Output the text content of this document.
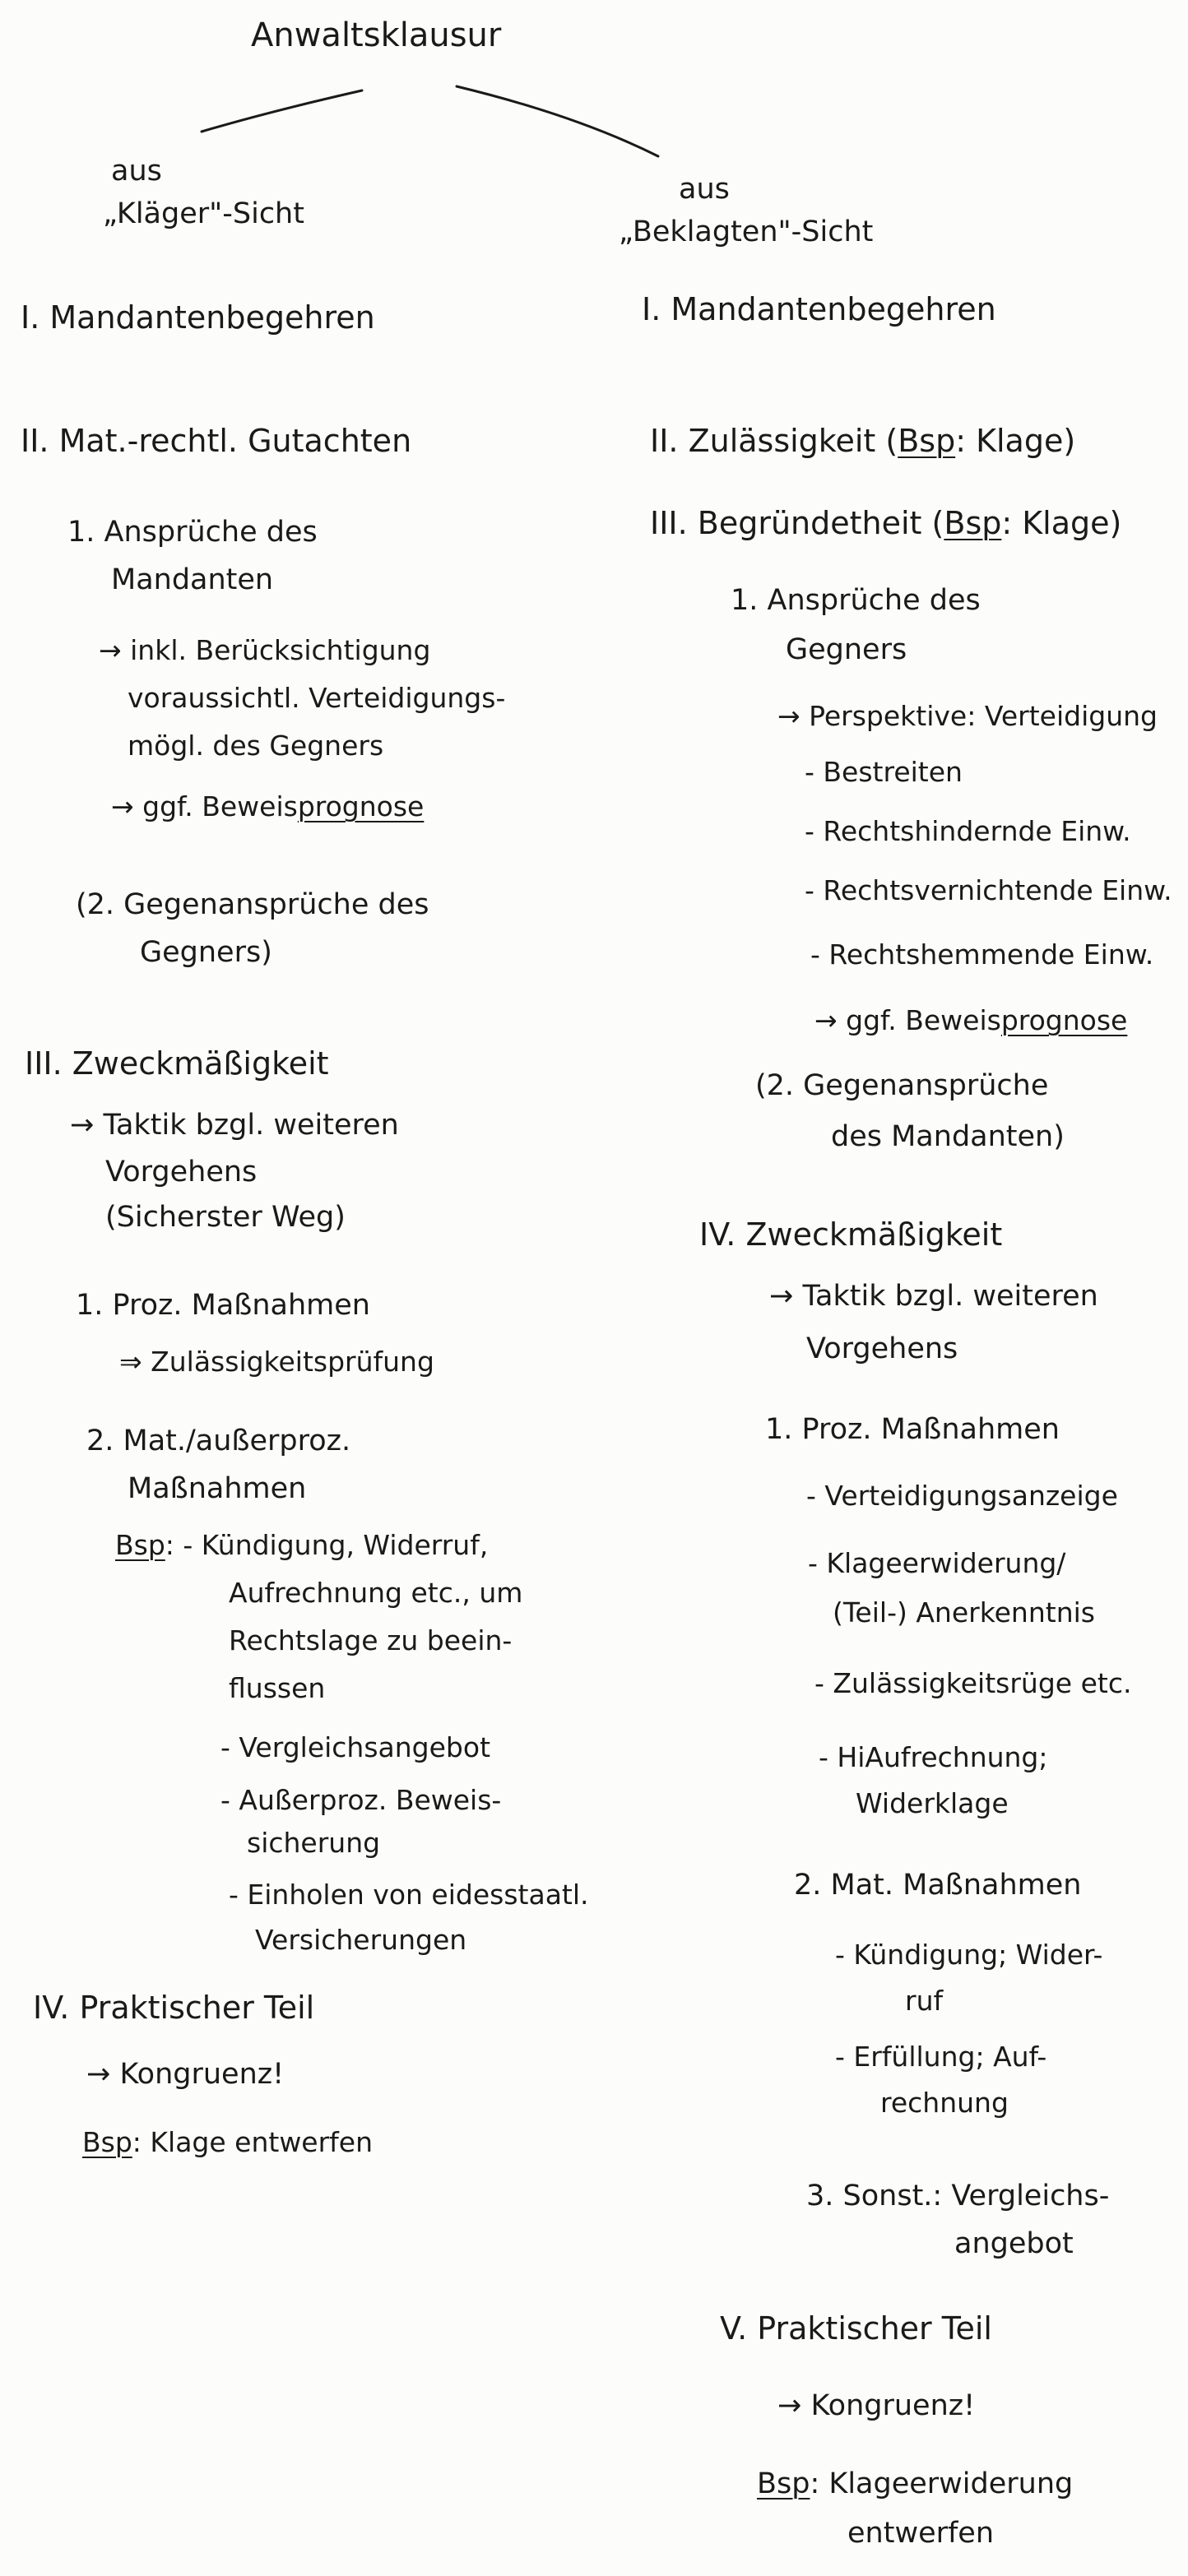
Anwaltsklausur
aus
„Kläger"-Sicht
I. Mandantenbegehren
II. Mat.-rechtl. Gutachten
1. Ansprüche des
Mandanten
→ inkl. Berücksichtigung
voraussichtl. Verteidigungs-
mögl. des Gegners
→ ggf. Beweisprognose
(2. Gegenansprüche des
Gegners)
III. Zweckmäßigkeit
→ Taktik bzgl. weiteren
Vorgehens
(Sicherster Weg)
1. Proz. Maßnahmen
⇒ Zulässigkeitsprüfung
2. Mat./außerproz.
Maßnahmen
Bsp: - Kündigung, Widerruf,
Aufrechnung etc., um
Rechtslage zu beein-
flussen
- Vergleichsangebot
- Außerproz. Beweis-
sicherung
- Einholen von eidesstaatl.
Versicherungen
IV. Praktischer Teil
→ Kongruenz!
Bsp: Klage entwerfen
aus
„Beklagten"-Sicht
I. Mandantenbegehren
II. Zulässigkeit (Bsp: Klage)
III. Begründetheit (Bsp: Klage)
1. Ansprüche des
Gegners
→ Perspektive: Verteidigung
- Bestreiten
- Rechtshindernde Einw.
- Rechtsvernichtende Einw.
- Rechtshemmende Einw.
→ ggf. Beweisprognose
(2. Gegenansprüche
des Mandanten)
IV. Zweckmäßigkeit
→ Taktik bzgl. weiteren
Vorgehens
1. Proz. Maßnahmen
- Verteidigungsanzeige
- Klageerwiderung/
(Teil-) Anerkenntnis
- Zulässigkeitsrüge etc.
- HiAufrechnung;
Widerklage
2. Mat. Maßnahmen
- Kündigung; Wider-
ruf
- Erfüllung; Auf-
rechnung
3. Sonst.: Vergleichs-
angebot
V. Praktischer Teil
→ Kongruenz!
Bsp: Klageerwiderung
entwerfen
